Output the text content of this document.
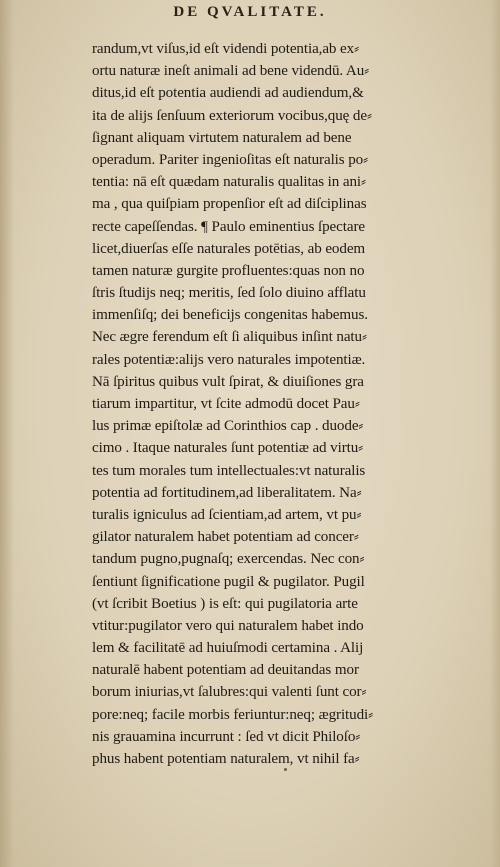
DE QVALITATE.
randum,vt viſus,id eſt videndi potentia,ab ex⸗
ortu naturæ ineſt animali ad bene videndū. Au⸗
ditus,id eſt potentia audiendi ad audiendum,&
ita de alijs ſenſuum exteriorum vocibus,quę de⸗
ſignant aliquam virtutem naturalem ad bene
operadum. Pariter ingenioſitas eſt naturalis po⸗
tentia: nā eſt quædam naturalis qualitas in ani⸗
ma , qua quiſpiam propenſior eſt ad diſciplinas
recte capeſſendas. ¶ Paulo eminentius ſpectare
licet,diuerſas eſſe naturales potētias, ab eodem
tamen naturæ gurgite profluentes:quas non no
ſtris ſtudijs neq; meritis, ſed ſolo diuino afflatu
immenſiſq; dei beneficijs congenitas habemus.
Nec ægre ferendum eſt ſi aliquibus inſint natu⸗
rales potentiæ:alijs vero naturales impotentiæ.
Nā ſpiritus quibus vult ſpirat, & diuiſiones gra
tiarum impartitur, vt ſcite admodū docet Pau⸗
lus primæ epiſtolæ ad Corinthios cap . duode⸗
cimo . Itaque naturales ſunt potentiæ ad virtu⸗
tes tum morales tum intellectuales:vt naturalis
potentia ad fortitudinem,ad liberalitatem. Na⸗
turalis igniculus ad ſcientiam,ad artem, vt pu⸗
gilator naturalem habet potentiam ad concer⸗
tandum pugno,pugnaſq; exercendas. Nec con⸗
ſentiunt ſignificatione pugil & pugilator. Pugil
(vt ſcribit Boetius ) is eſt: qui pugilatoria arte
vtitur:pugilator vero qui naturalem habet indo
lem & facilitatē ad huiuſmodi certamina . Alij
naturalē habent potentiam ad deuitandas mor
borum iniurias,vt ſalubres:qui valenti ſunt cor⸗
pore:neq; facile morbis feriuntur:neq; ægritudi⸗
nis grauamina incurrunt : ſed vt dicit Philoſo⸗
phus habent potentiam naturalem, vt nihil fa⸗
